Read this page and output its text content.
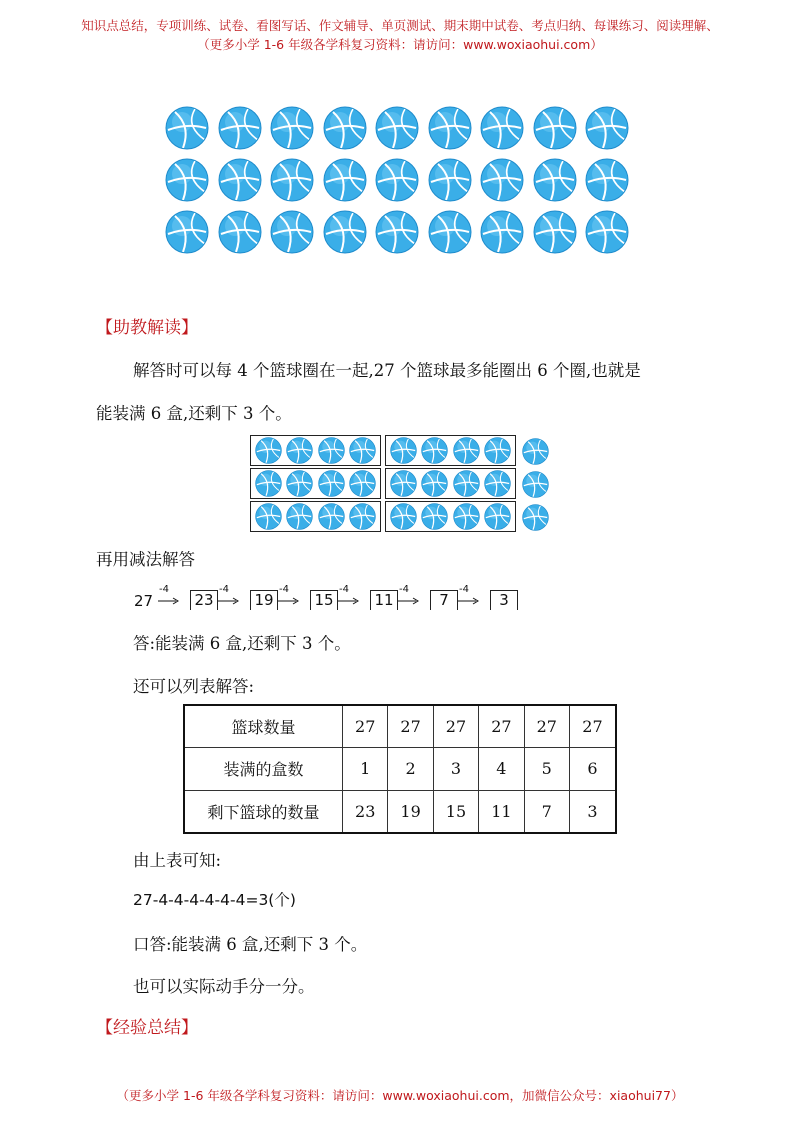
知识点总结，专项训练、试卷、看图写话、作文辅导、单页测试、期末期中试卷、考点归纳、每课练习、阅读理解、
（更多小学 1-6 年级各学科复习资料：请访问：www.woxiaohui.com）
【助教解读】
解答时可以每 4 个篮球圈在一起,27 个篮球最多能圈出 6 个圈,也就是
能装满 6 盒,还剩下 3 个。
再用减法解答
27
-4
23
-4
19
-4
15
-4
11
-4
7
-4
3
答:能装满 6 盒,还剩下 3 个。
还可以列表解答:
篮球数量	27	27	27	27	27	27
装满的盒数	1	2	3	4	5	6
剩下篮球的数量	23	19	15	11	7	3
由上表可知:
27-4-4-4-4-4-4=3(个)
口答:能装满 6 盒,还剩下 3 个。
也可以实际动手分一分。
【经验总结】
（更多小学 1-6 年级各学科复习资料：请访问：www.woxiaohui.com，加微信公众号：xiaohui77）
